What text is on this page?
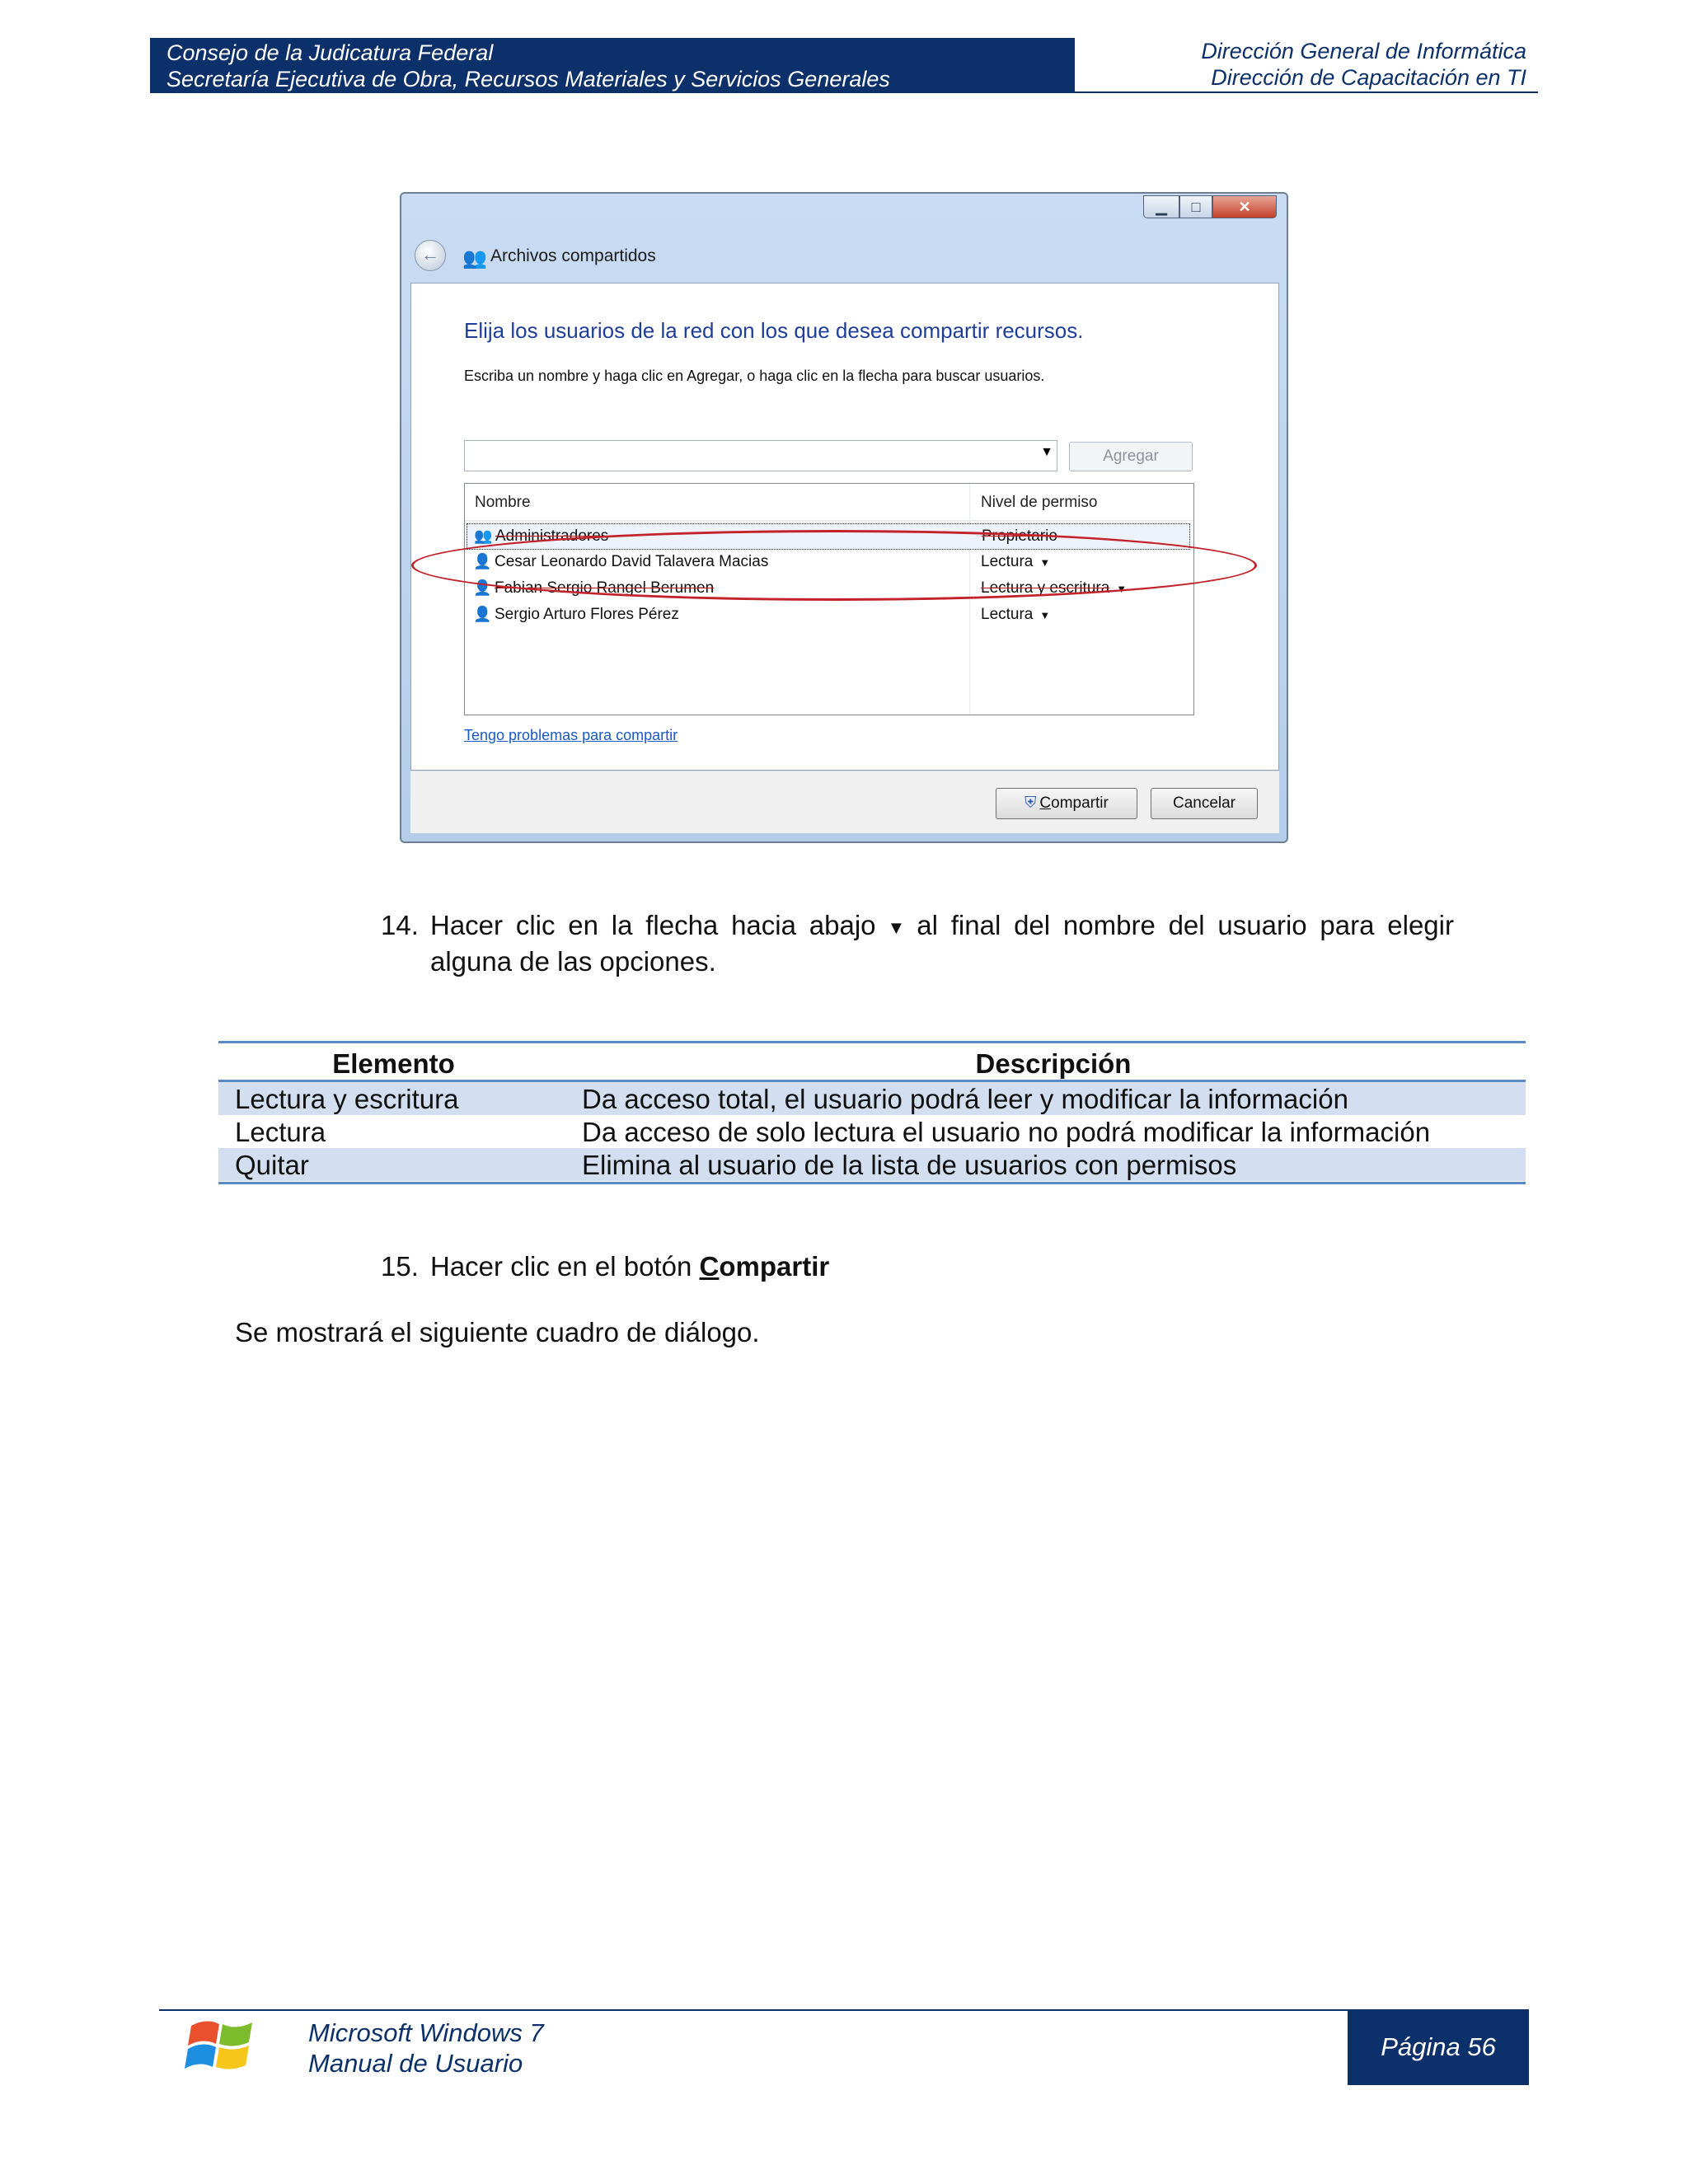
Consejo de la Judicatura Federal
Secretaría Ejecutiva de Obra, Recursos Materiales y Servicios Generales
Dirección General de Informática
Dirección de Capacitación en TI
▁	□	✕
←	👥 Archivos compartidos
Elija los usuarios de la red con los que desea compartir recursos.
Escriba un nombre y haga clic en Agregar, o haga clic en la flecha para buscar usuarios.
▼	Agregar
Nombre	Nivel de permiso
👥 Administradores	Propietario
👤 Cesar Leonardo David Talavera Macias	Lectura ▼
👤 Fabian Sergio Rangel Berumen	Lectura y escritura ▼
👤 Sergio Arturo Flores Pérez	Lectura ▼
Tengo problemas para compartir
⛨ Compartir	Cancelar
14. Hacer clic en la flecha hacia abajo ▼ al final del nombre del usuario para elegir alguna de las opciones.
Elemento	Descripción
Lectura y escritura	Da acceso total, el usuario podrá leer y modificar la información
Lectura	Da acceso de solo lectura el usuario no podrá modificar la información
Quitar	Elimina al usuario de la lista de usuarios con permisos
15. Hacer clic en el botón Compartir
Se mostrará el siguiente cuadro de diálogo.
Microsoft Windows 7
Manual de Usuario
Página 56
